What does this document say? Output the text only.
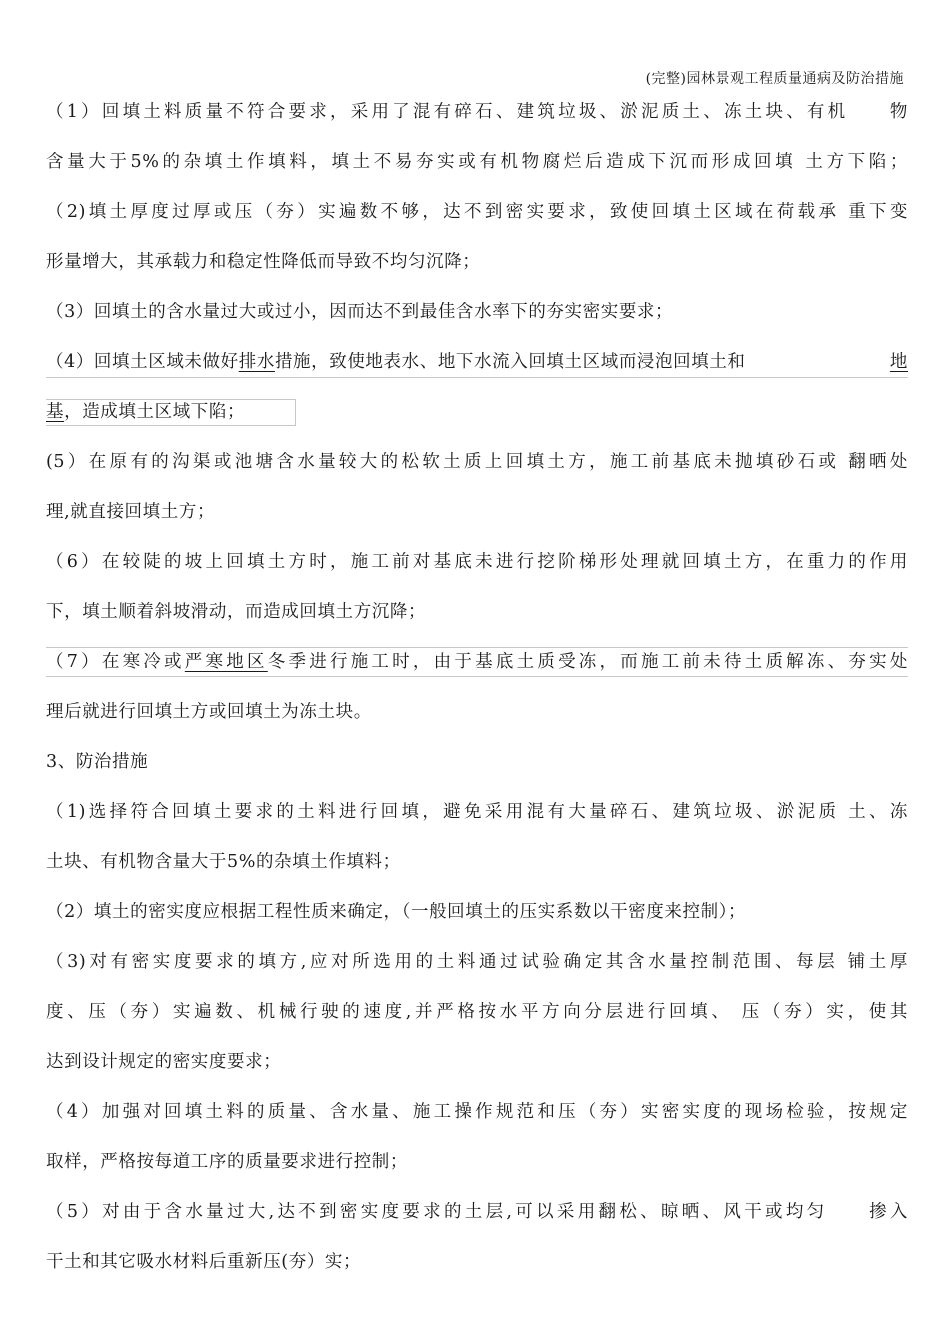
(完整)园林景观工程质量通病及防治措施
（1）回填土料质量不符合要求，采用了混有碎石、建筑垃圾、淤泥质土、冻土块、有机　　物
含量大于5%的杂填土作填料，填土不易夯实或有机物腐烂后造成下沉而形成回填 土方下陷；
（2)填土厚度过厚或压（夯）实遍数不够，达不到密实要求，致使回填土区域在荷载承 重下变
形量增大，其承载力和稳定性降低而导致不均匀沉降；
（3）回填土的含水量过大或过小，因而达不到最佳含水率下的夯实密实要求；
（4）回填土区域未做好排水措施，致使地表水、地下水流入回填土区域而浸泡回填土和	地
基，造成填土区域下陷；
(5）在原有的沟渠或池塘含水量较大的松软土质上回填土方，施工前基底未抛填砂石或 翻晒处
理,就直接回填土方；
（6）在较陡的坡上回填土方时，施工前对基底未进行挖阶梯形处理就回填土方，在重力的作用
下，填土顺着斜坡滑动，而造成回填土方沉降；
（7）在寒冷或严寒地区冬季进行施工时，由于基底土质受冻，而施工前未待土质解冻、夯实处
理后就进行回填土方或回填土为冻土块。
3、防治措施
（1)选择符合回填土要求的土料进行回填，避免采用混有大量碎石、建筑垃圾、淤泥质 土、冻
土块、有机物含量大于5%的杂填土作填料；
（2）填土的密实度应根据工程性质来确定，（一般回填土的压实系数以干密度来控制）；
（3)对有密实度要求的填方,应对所选用的土料通过试验确定其含水量控制范围、每层 铺土厚
度、压（夯）实遍数、机械行驶的速度,并严格按水平方向分层进行回填、 压（夯）实，使其
达到设计规定的密实度要求；
（4）加强对回填土料的质量、含水量、施工操作规范和压（夯）实密实度的现场检验，按规定
取样，严格按每道工序的质量要求进行控制；
（5）对由于含水量过大,达不到密实度要求的土层,可以采用翻松、晾晒、风干或均匀　　掺入
干土和其它吸水材料后重新压(夯）实；
